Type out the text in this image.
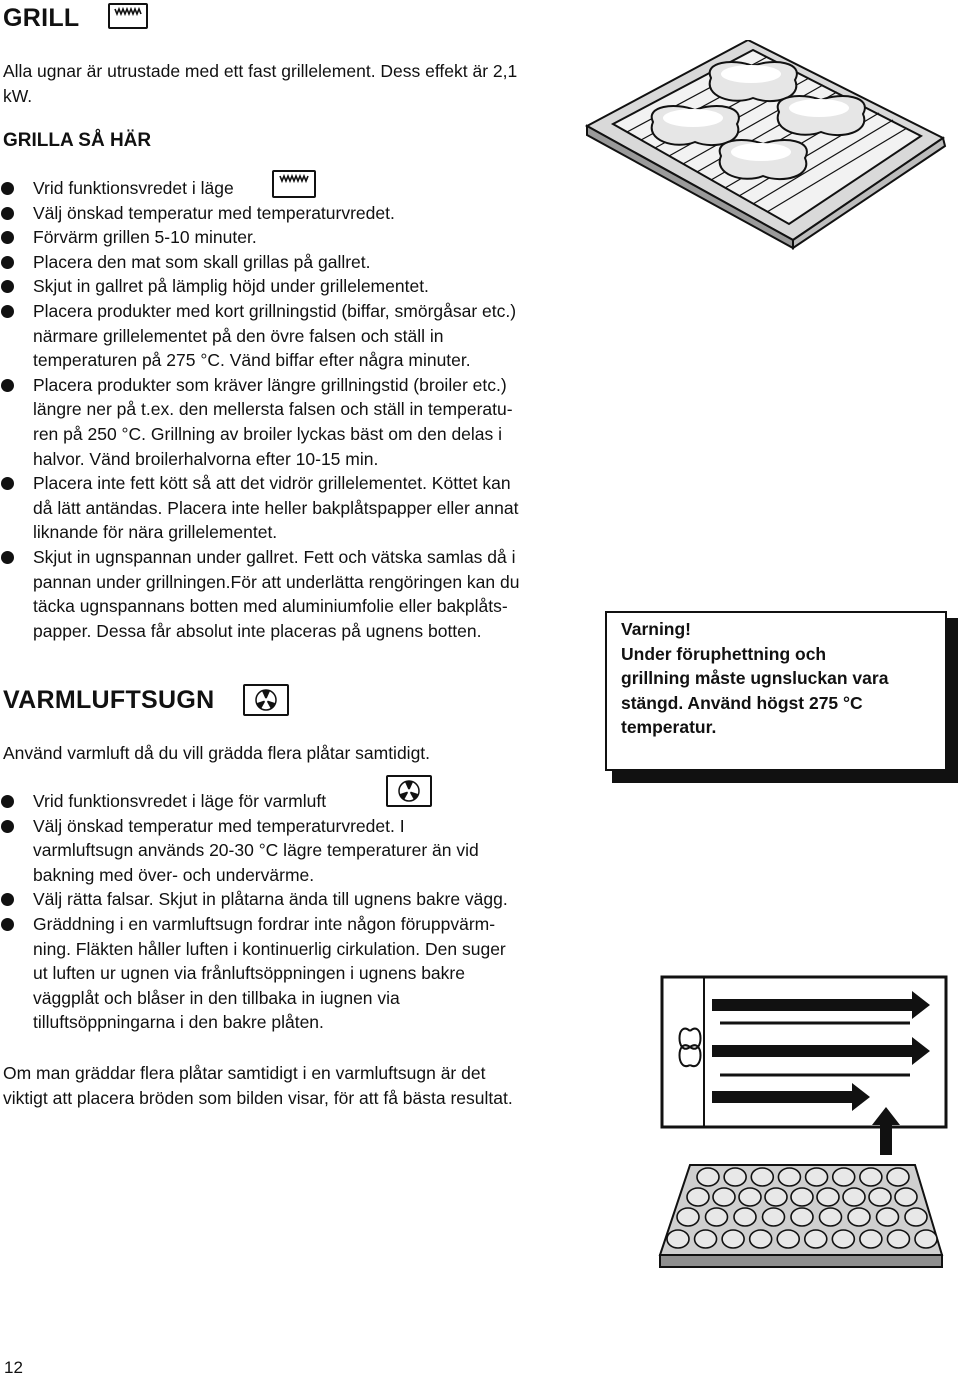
GRILL
Alla ugnar är utrustade med ett fast grillelement. Dess effekt är 2,1
kW.
GRILLA SÅ HÄR
Vrid funktionsvredet i läge
Välj önskad temperatur med temperaturvredet.
Förvärm grillen 5-10 minuter.
Placera den mat som skall grillas på gallret.
Skjut in gallret på lämplig höjd under grillelementet.
Placera produkter med kort grillningstid (biffar, smörgåsar etc.)
närmare grillelementet på den övre falsen och ställ in
temperaturen på 275 °C. Vänd biffar efter några minuter.
Placera produkter som kräver längre grillningstid (broiler etc.)
längre ner på t.ex. den mellersta falsen och ställ in temperatu-
ren på 250 °C. Grillning av broiler lyckas bäst om den delas i
halvor. Vänd broilerhalvorna efter 10-15 min.
Placera inte fett kött så att det vidrör grillelementet. Köttet kan
då lätt antändas. Placera inte heller bakplåtspapper eller annat
liknande för nära grillelementet.
Skjut in ugnspannan under gallret. Fett och vätska samlas då i
pannan under grillningen.För att underlätta rengöringen kan du
täcka ugnspannans botten med aluminiumfolie eller bakplåts-
papper. Dessa får absolut inte placeras på ugnens botten.	Varning!
Under föruphettning och
grillning måste ugnsluckan vara
stängd. Använd högst 275 °C
temperatur.
VARMLUFTSUGN
Använd varmluft då du vill grädda flera plåtar samtidigt.
Vrid funktionsvredet i läge för varmluft
Välj önskad temperatur med temperaturvredet. I
varmluftsugn används 20-30 °C lägre temperaturer än vid
bakning med över- och undervärme.
Välj rätta falsar. Skjut in plåtarna ända till ugnens bakre vägg.
Gräddning i en varmluftsugn fordrar inte någon föruppvärm-
ning. Fläkten håller luften i kontinuerlig cirkulation. Den suger
ut luften ur ugnen via frånluftsöppningen i ugnens bakre
väggplåt och blåser in den tillbaka in iugnen via
tilluftsöppningarna i den bakre plåten.
Om man gräddar flera plåtar samtidigt i en varmluftsugn är det
viktigt att placera bröden som bilden visar, för att få bästa resultat.
12
